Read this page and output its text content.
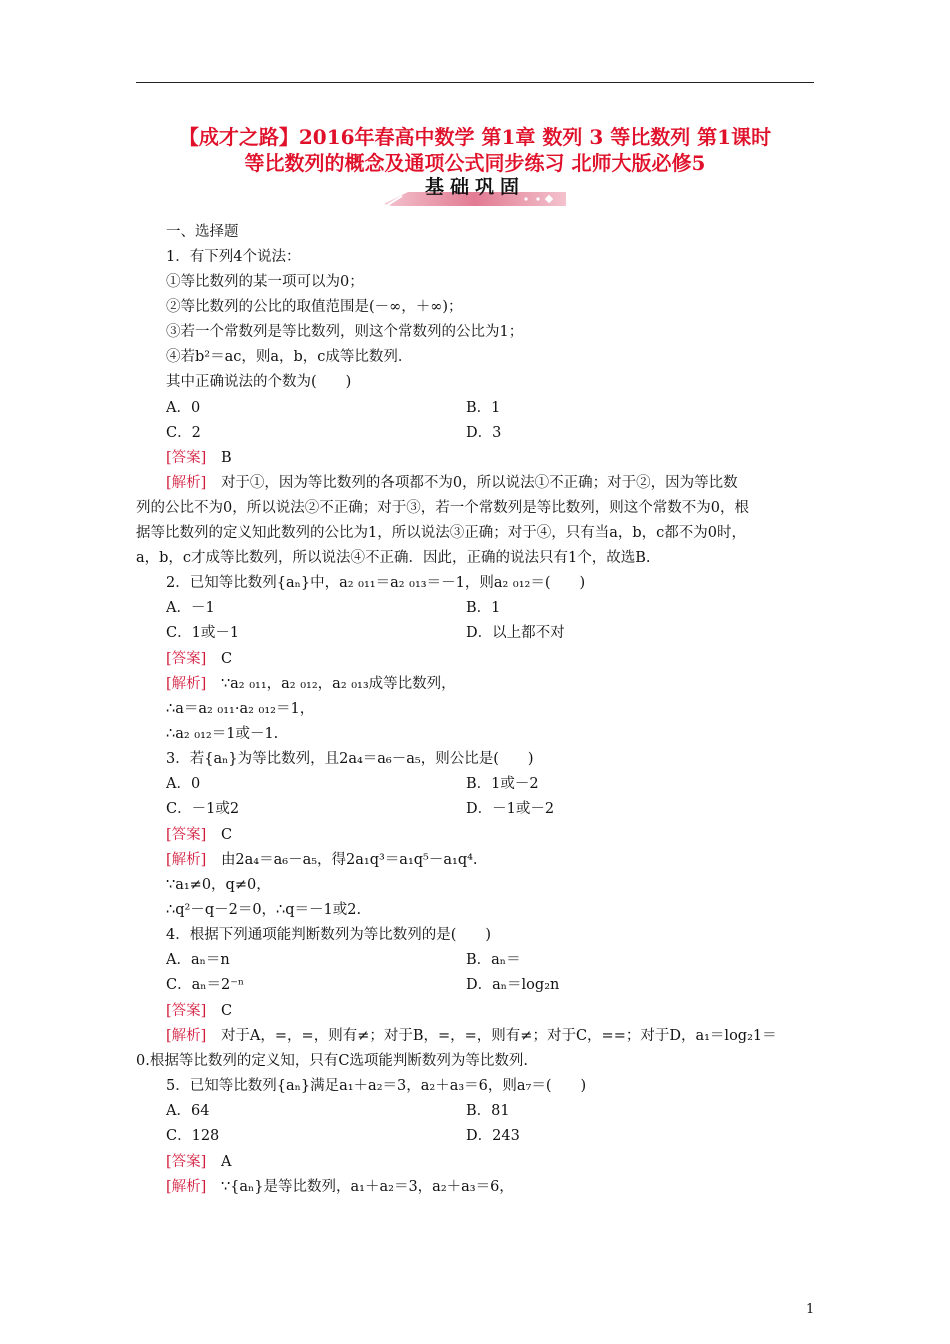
【成才之路】2016年春高中数学 第1章 数列 3 等比数列 第1课时
等比数列的概念及通项公式同步练习 北师大版必修5
基础巩固
一、选择题
1．有下列4个说法：
①等比数列的某一项可以为0；
②等比数列的公比的取值范围是(－∞，＋∞)；
③若一个常数列是等比数列，则这个常数列的公比为1；
④若b²＝ac，则a，b，c成等比数列．
其中正确说法的个数为(　　)
A．0	B．1
C．2	D．3
[答案] B
[解析] 对于①，因为等比数列的各项都不为0，所以说法①不正确；对于②，因为等比数
列的公比不为0，所以说法②不正确；对于③，若一个常数列是等比数列，则这个常数不为0，根
据等比数列的定义知此数列的公比为1，所以说法③正确；对于④，只有当a，b，c都不为0时，
a，b，c才成等比数列，所以说法④不正确．因此，正确的说法只有1个，故选B.
2．已知等比数列{aₙ}中，a₂ ₀₁₁＝a₂ ₀₁₃＝－1，则a₂ ₀₁₂＝(　　)
A．－1	B．1
C．1或－1	D．以上都不对
[答案] C
[解析] ∵a₂ ₀₁₁，a₂ ₀₁₂，a₂ ₀₁₃成等比数列，
∴a＝a₂ ₀₁₁·a₂ ₀₁₂＝1，
∴a₂ ₀₁₂＝1或－1.
3．若{aₙ}为等比数列，且2a₄＝a₆－a₅，则公比是(　　)
A．0	B．1或－2
C．－1或2	D．－1或－2
[答案] C
[解析] 由2a₄＝a₆－a₅，得2a₁q³＝a₁q⁵－a₁q⁴.
∵a₁≠0，q≠0，
∴q²－q－2＝0，∴q＝－1或2.
4．根据下列通项能判断数列为等比数列的是(　　)
A．aₙ＝n	B．aₙ＝
C．aₙ＝2⁻ⁿ	D．aₙ＝log₂n
[答案] C
[解析] 对于A，=，=，则有≠；对于B，=，=，则有≠；对于C，==；对于D，a₁＝log₂1＝
0.根据等比数列的定义知，只有C选项能判断数列为等比数列.
5．已知等比数列{aₙ}满足a₁＋a₂＝3，a₂＋a₃＝6，则a₇＝(　　)
A．64	B．81
C．128	D．243
[答案] A
[解析] ∵{aₙ}是等比数列，a₁＋a₂＝3，a₂＋a₃＝6，
1
